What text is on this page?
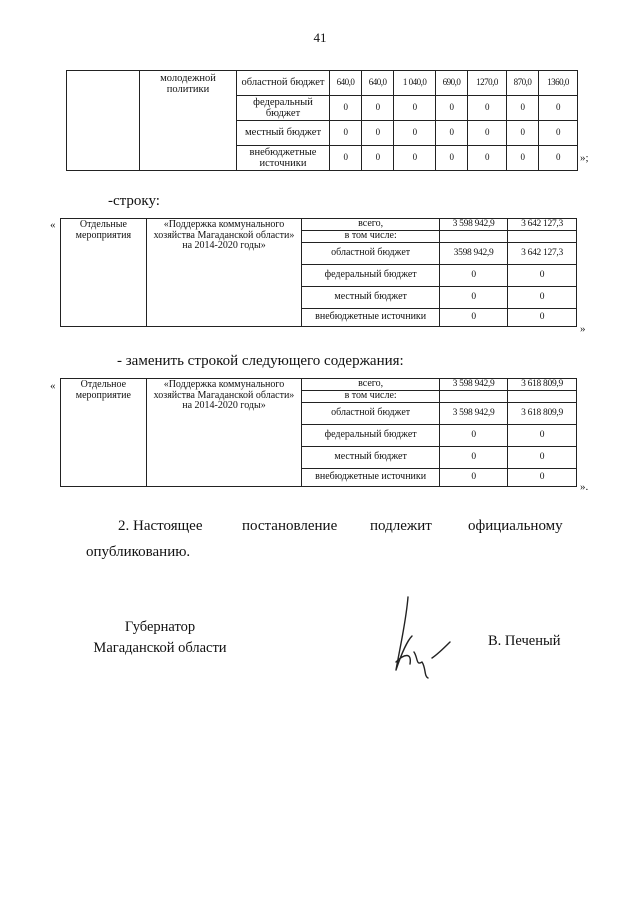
41
	молодежной политики	областной бюджет	640,0	640,0	1 040,0	690,0	1270,0	870,0	1360,0
		федеральный бюджет	0	0	0	0	0	0	0
		местный бюджет	0	0	0	0	0	0	0
		внебюджетные источники	0	0	0	0	0	0	0 »;
-строку:
« Отдельные мероприятия	«Поддержка коммунального хозяйства Магаданской области» на 2014-2020 годы»	всего,	3 598 942,9	3 642 127,3
		в том числе:		
		областной бюджет	3598 942,9	3 642 127,3
		федеральный бюджет	0	0
		местный бюджет	0	0
		внебюджетные источники	0	0
»
- заменить строкой следующего содержания:
«	Отдельное мероприятие	«Поддержка коммунального хозяйства Магаданской области» на 2014-2020 годы»	всего,	3 598 942,9	3 618 809,9
		в том числе:		
		областной бюджет	3 598 942,9	3 618 809,9
		федеральный бюджет	0	0
		местный бюджет	0	0
		внебюджетные источники	0	0
».
2. Настоящее	постановление подлежит официальному
опубликованию.
Губернатор
Магаданской области	В. Печеный
